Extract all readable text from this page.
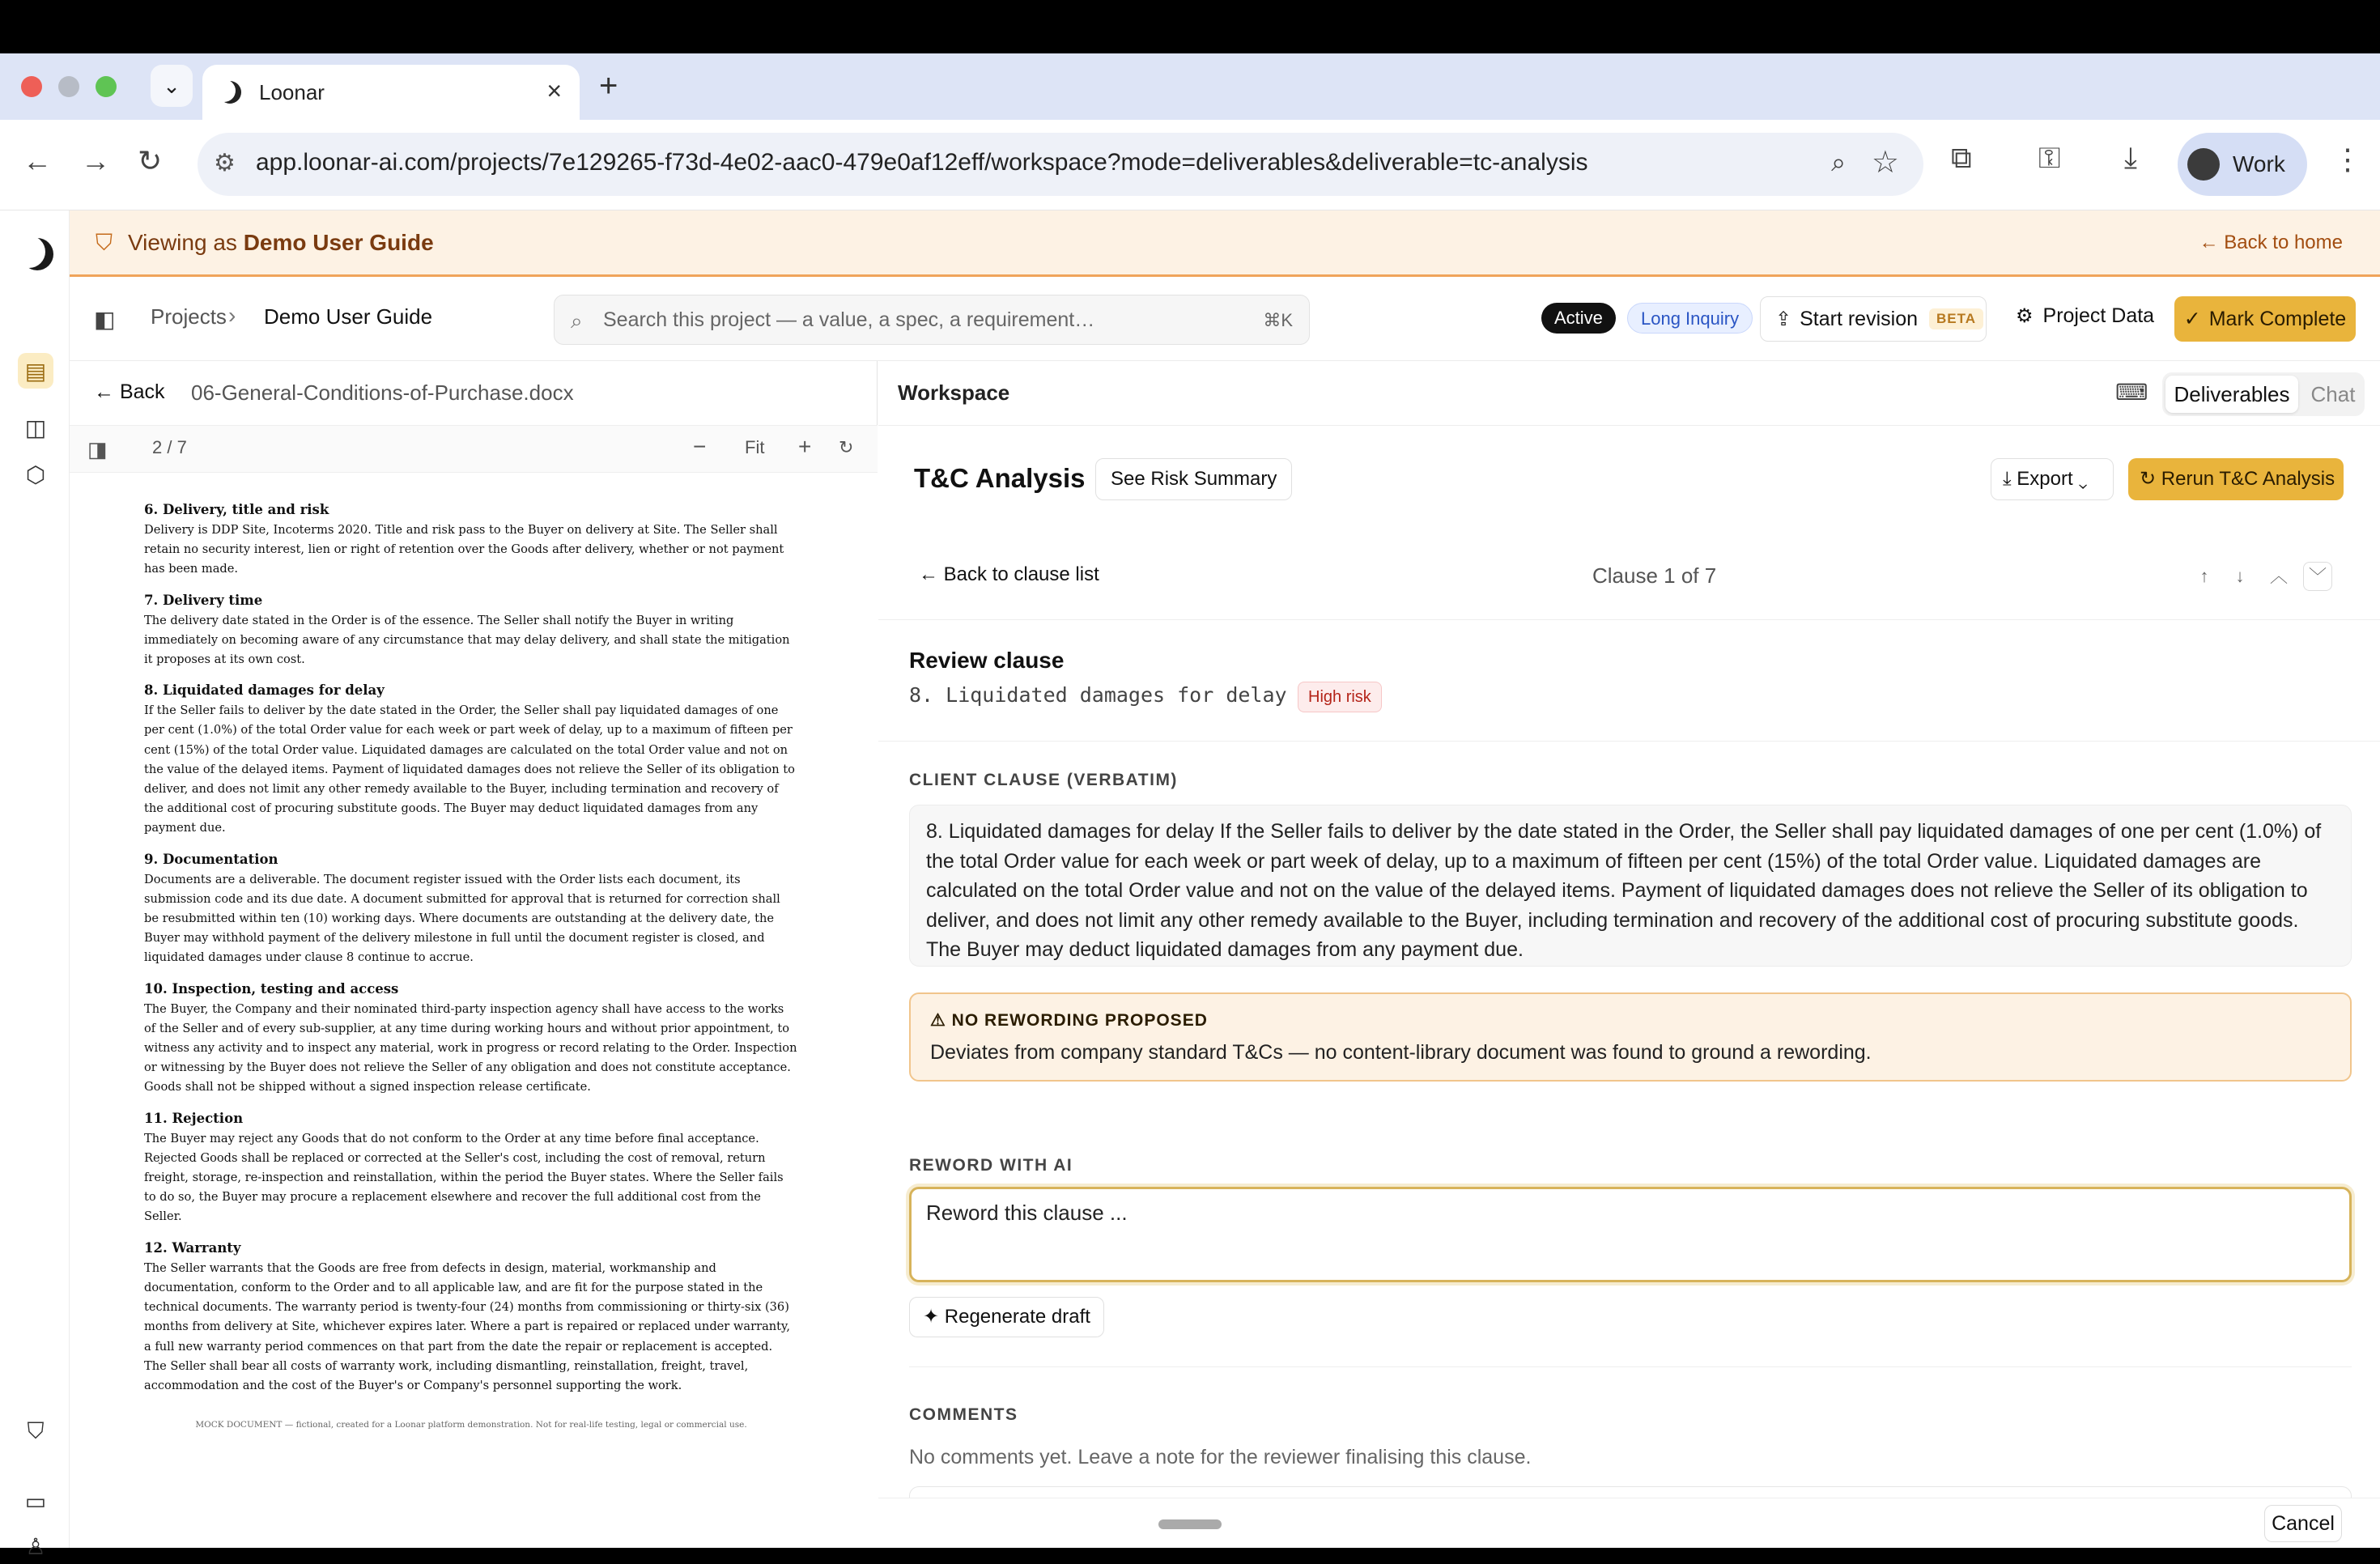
⌄	Loonar	× +
← → ↻ ⚙ app.loonar-ai.com/projects/7e129265-f73d-4e02-aac0-479e0af12eff/workspace?mode=deliverables&deliverable=tc-analysis	⌕ ☆ ⧉ ⚿ ⤓	Work ⋮
▤
◫
⬡
⛉
▭
♙
⛉ Viewing as Demo User Guide	← Back to home
◧ Projects › Demo User Guide	⌕ Search this project — a value, a spec, a requirement…	⌘K	Active	Long Inquiry	⇪ Start revision	BETA	⚙ Project Data ✓ Mark Complete
← Back 06-General-Conditions-of-Purchase.docx
◨	2 / 7	− Fit + ↻
6. Delivery, title and risk

Delivery is DDP Site, Incoterms 2020. Title and risk pass to the Buyer on delivery at Site. The Seller shall retain no security interest, lien or right of retention over the Goods after delivery, whether or not payment has been made.

7. Delivery time

The delivery date stated in the Order is of the essence. The Seller shall notify the Buyer in writing immediately on becoming aware of any circumstance that may delay delivery, and shall state the mitigation it proposes at its own cost.

8. Liquidated damages for delay

If the Seller fails to deliver by the date stated in the Order, the Seller shall pay liquidated damages of one per cent (1.0%) of the total Order value for each week or part week of delay, up to a maximum of fifteen per cent (15%) of the total Order value. Liquidated damages are calculated on the total Order value and not on the value of the delayed items. Payment of liquidated damages does not relieve the Seller of its obligation to deliver, and does not limit any other remedy available to the Buyer, including termination and recovery of the additional cost of procuring substitute goods. The Buyer may deduct liquidated damages from any payment due.

9. Documentation

Documents are a deliverable. The document register issued with the Order lists each document, its submission code and its due date. A document submitted for approval that is returned for correction shall be resubmitted within ten (10) working days. Where documents are outstanding at the delivery date, the Buyer may withhold payment of the delivery milestone in full until the document register is closed, and liquidated damages under clause 8 continue to accrue.

10. Inspection, testing and access

The Buyer, the Company and their nominated third-party inspection agency shall have access to the works of the Seller and of every sub-supplier, at any time during working hours and without prior appointment, to witness any activity and to inspect any material, work in progress or record relating to the Order. Inspection or witnessing by the Buyer does not relieve the Seller of any obligation and does not constitute acceptance. Goods shall not be shipped without a signed inspection release certificate.

11. Rejection

The Buyer may reject any Goods that do not conform to the Order at any time before final acceptance. Rejected Goods shall be replaced or corrected at the Seller's cost, including the cost of removal, return freight, storage, re-inspection and reinstallation, within the period the Buyer states. Where the Seller fails to do so, the Buyer may procure a replacement elsewhere and recover the full additional cost from the Seller.

12. Warranty

The Seller warrants that the Goods are free from defects in design, material, workmanship and documentation, conform to the Order and to all applicable law, and are fit for the purpose stated in the technical documents. The warranty period is twenty-four (24) months from commissioning or thirty-six (36) months from delivery at Site, whichever expires later. Where a part is repaired or replaced under warranty, a full new warranty period commences on that part from the date the repair or replacement is accepted. The Seller shall bear all costs of warranty work, including dismantling, reinstallation, freight, travel, accommodation and the cost of the Buyer's or Company's personnel supporting the work.

MOCK DOCUMENT — fictional, created for a Loonar platform demonstration. Not for real-life testing, legal or commercial use.
Workspace	⌨	Deliverables	Chat
T&C Analysis	See Risk Summary	⤓ Export ⌄	↻ Rerun T&C Analysis
← Back to clause list	Clause 1 of 7	↑	↓	︿	﹀
Review clause
8. Liquidated damages for delay	High risk
CLIENT CLAUSE (VERBATIM)
8. Liquidated damages for delay If the Seller fails to deliver by the date stated in the Order, the Seller shall pay liquidated damages of one per cent (1.0%) of the total Order value for each week or part week of delay, up to a maximum of fifteen per cent (15%) of the total Order value. Liquidated damages are calculated on the total Order value and not on the value of the delayed items. Payment of liquidated damages does not relieve the Seller of its obligation to deliver, and does not limit any other remedy available to the Buyer, including termination and recovery of the additional cost of procuring substitute goods. The Buyer may deduct liquidated damages from any payment due.
⚠ NO REWORDING PROPOSED
Deviates from company standard T&Cs — no content-library document was found to ground a rewording.
REWORD WITH AI
Reword this clause ...
✦ Regenerate draft
COMMENTS
No comments yet. Leave a note for the reviewer finalising this clause.
Cancel
